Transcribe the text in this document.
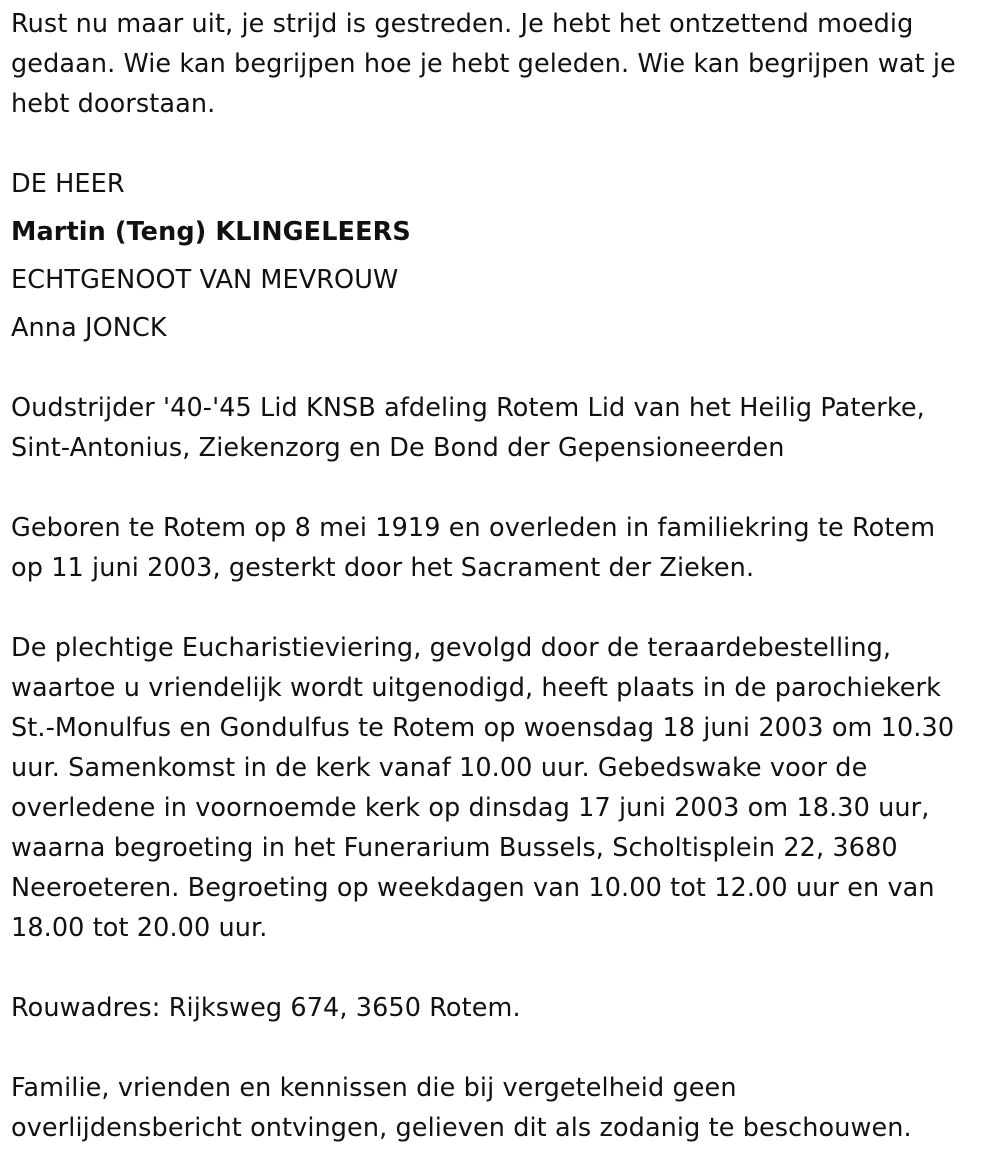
Rust nu maar uit, je strijd is gestreden. Je hebt het ontzettend moedig
gedaan. Wie kan begrijpen hoe je hebt geleden. Wie kan begrijpen wat je
hebt doorstaan.
DE HEER
Martin (Teng) KLINGELEERS
ECHTGENOOT VAN MEVROUW
Anna JONCK
Oudstrijder '40-'45 Lid KNSB afdeling Rotem Lid van het Heilig Paterke,
Sint-Antonius, Ziekenzorg en De Bond der Gepensioneerden
Geboren te Rotem op 8 mei 1919 en overleden in familiekring te Rotem
op 11 juni 2003, gesterkt door het Sacrament der Zieken.
De plechtige Eucharistieviering, gevolgd door de teraardebestelling,
waartoe u vriendelijk wordt uitgenodigd, heeft plaats in de parochiekerk
St.-Monulfus en Gondulfus te Rotem op woensdag 18 juni 2003 om 10.30
uur. Samenkomst in de kerk vanaf 10.00 uur. Gebedswake voor de
overledene in voornoemde kerk op dinsdag 17 juni 2003 om 18.30 uur,
waarna begroeting in het Funerarium Bussels, Scholtisplein 22, 3680
Neeroeteren. Begroeting op weekdagen van 10.00 tot 12.00 uur en van
18.00 tot 20.00 uur.
Rouwadres: Rijksweg 674, 3650 Rotem.
Familie, vrienden en kennissen die bij vergetelheid geen
overlijdensbericht ontvingen, gelieven dit als zodanig te beschouwen.
